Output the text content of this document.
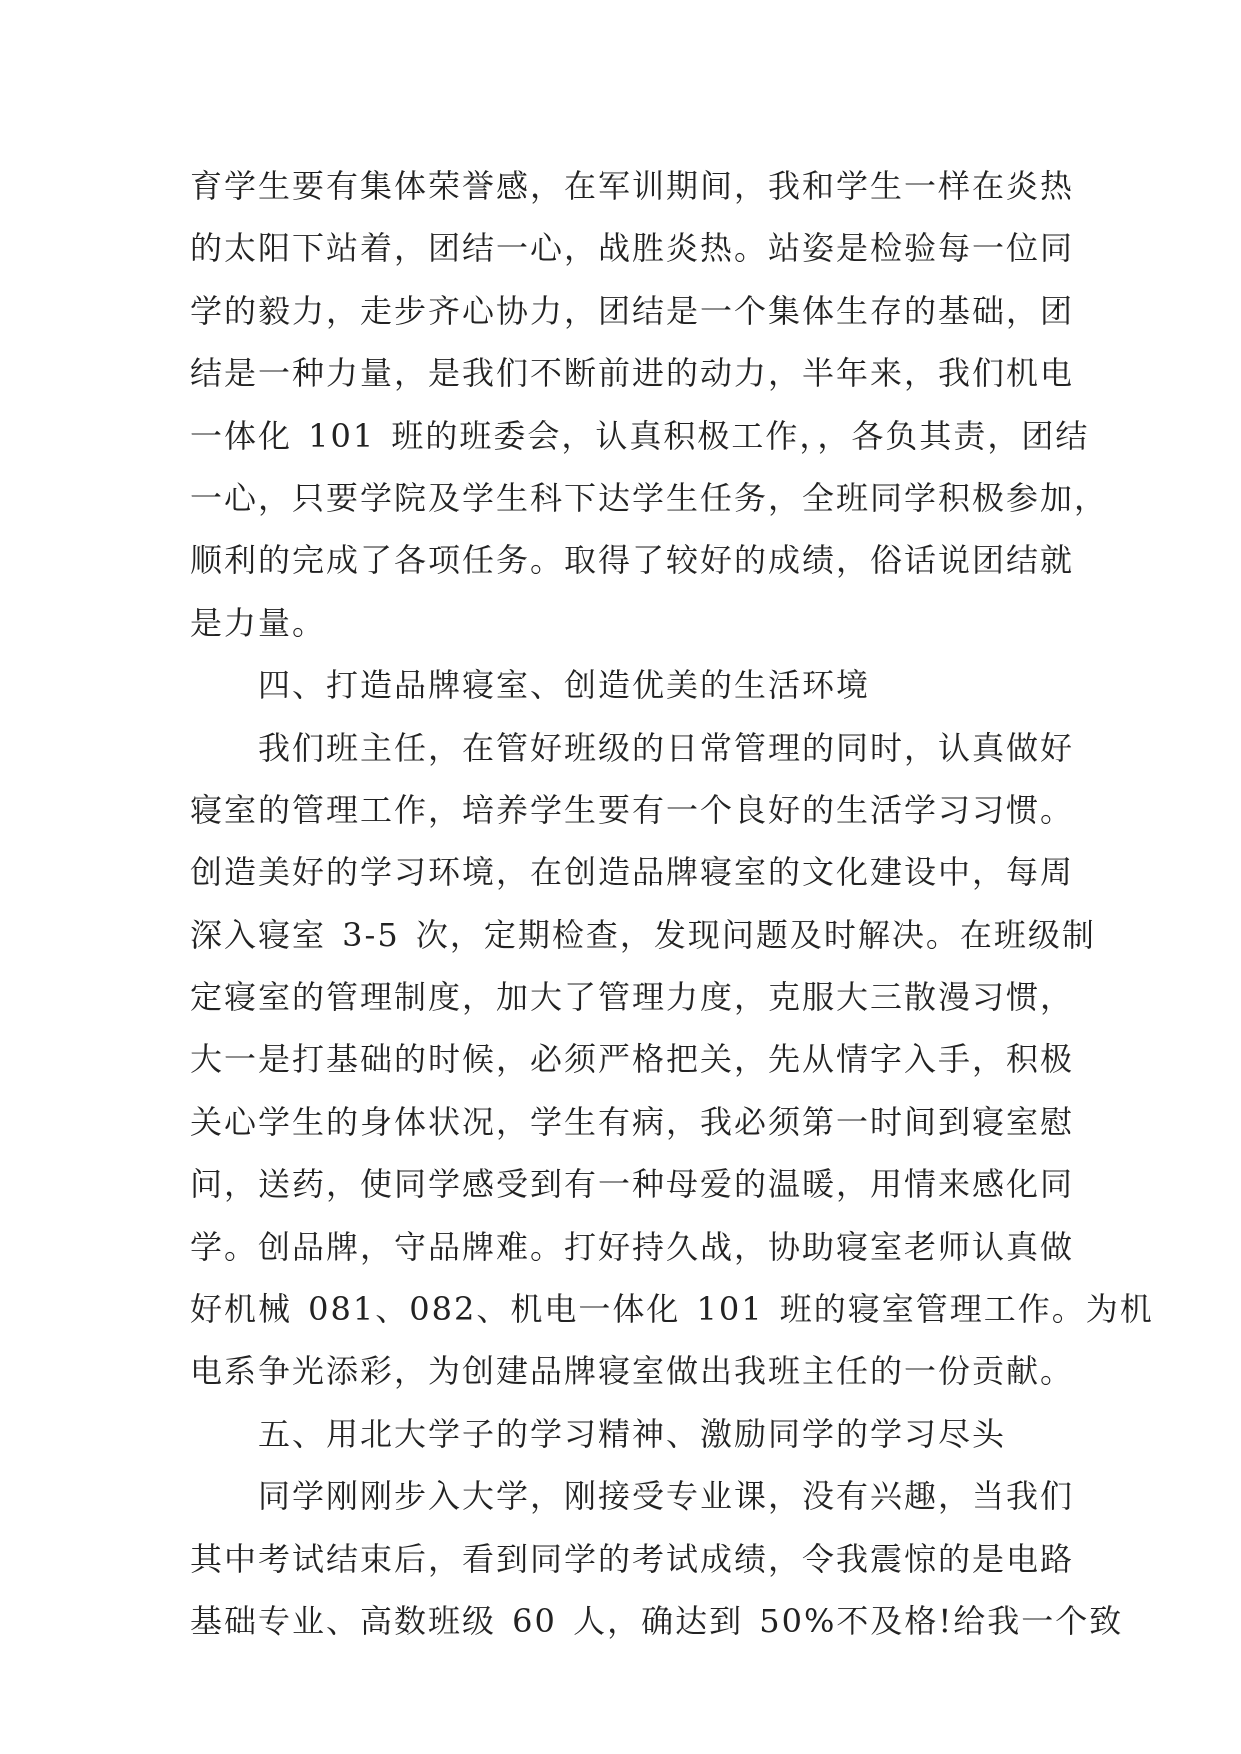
育学生要有集体荣誉感，在军训期间，我和学生一样在炎热
的太阳下站着，团结一心，战胜炎热。站姿是检验每一位同
学的毅力，走步齐心协力，团结是一个集体生存的基础，团
结是一种力量，是我们不断前进的动力，半年来，我们机电
一体化 101 班的班委会，认真积极工作，，各负其责，团结
一心，只要学院及学生科下达学生任务，全班同学积极参加，
顺利的完成了各项任务。取得了较好的成绩，俗话说团结就
是力量。
四、打造品牌寝室、创造优美的生活环境
我们班主任，在管好班级的日常管理的同时，认真做好
寝室的管理工作，培养学生要有一个良好的生活学习习惯。
创造美好的学习环境，在创造品牌寝室的文化建设中，每周
深入寝室 3-5 次，定期检查，发现问题及时解决。在班级制
定寝室的管理制度，加大了管理力度，克服大三散漫习惯，
大一是打基础的时候，必须严格把关，先从情字入手，积极
关心学生的身体状况，学生有病，我必须第一时间到寝室慰
问，送药，使同学感受到有一种母爱的温暖，用情来感化同
学。创品牌，守品牌难。打好持久战，协助寝室老师认真做
好机械 081、082、机电一体化 101 班的寝室管理工作。为机
电系争光添彩，为创建品牌寝室做出我班主任的一份贡献。
五、用北大学子的学习精神、激励同学的学习尽头
同学刚刚步入大学，刚接受专业课，没有兴趣，当我们
其中考试结束后，看到同学的考试成绩，令我震惊的是电路
基础专业、高数班级 60 人，确达到 50%不及格!给我一个致
